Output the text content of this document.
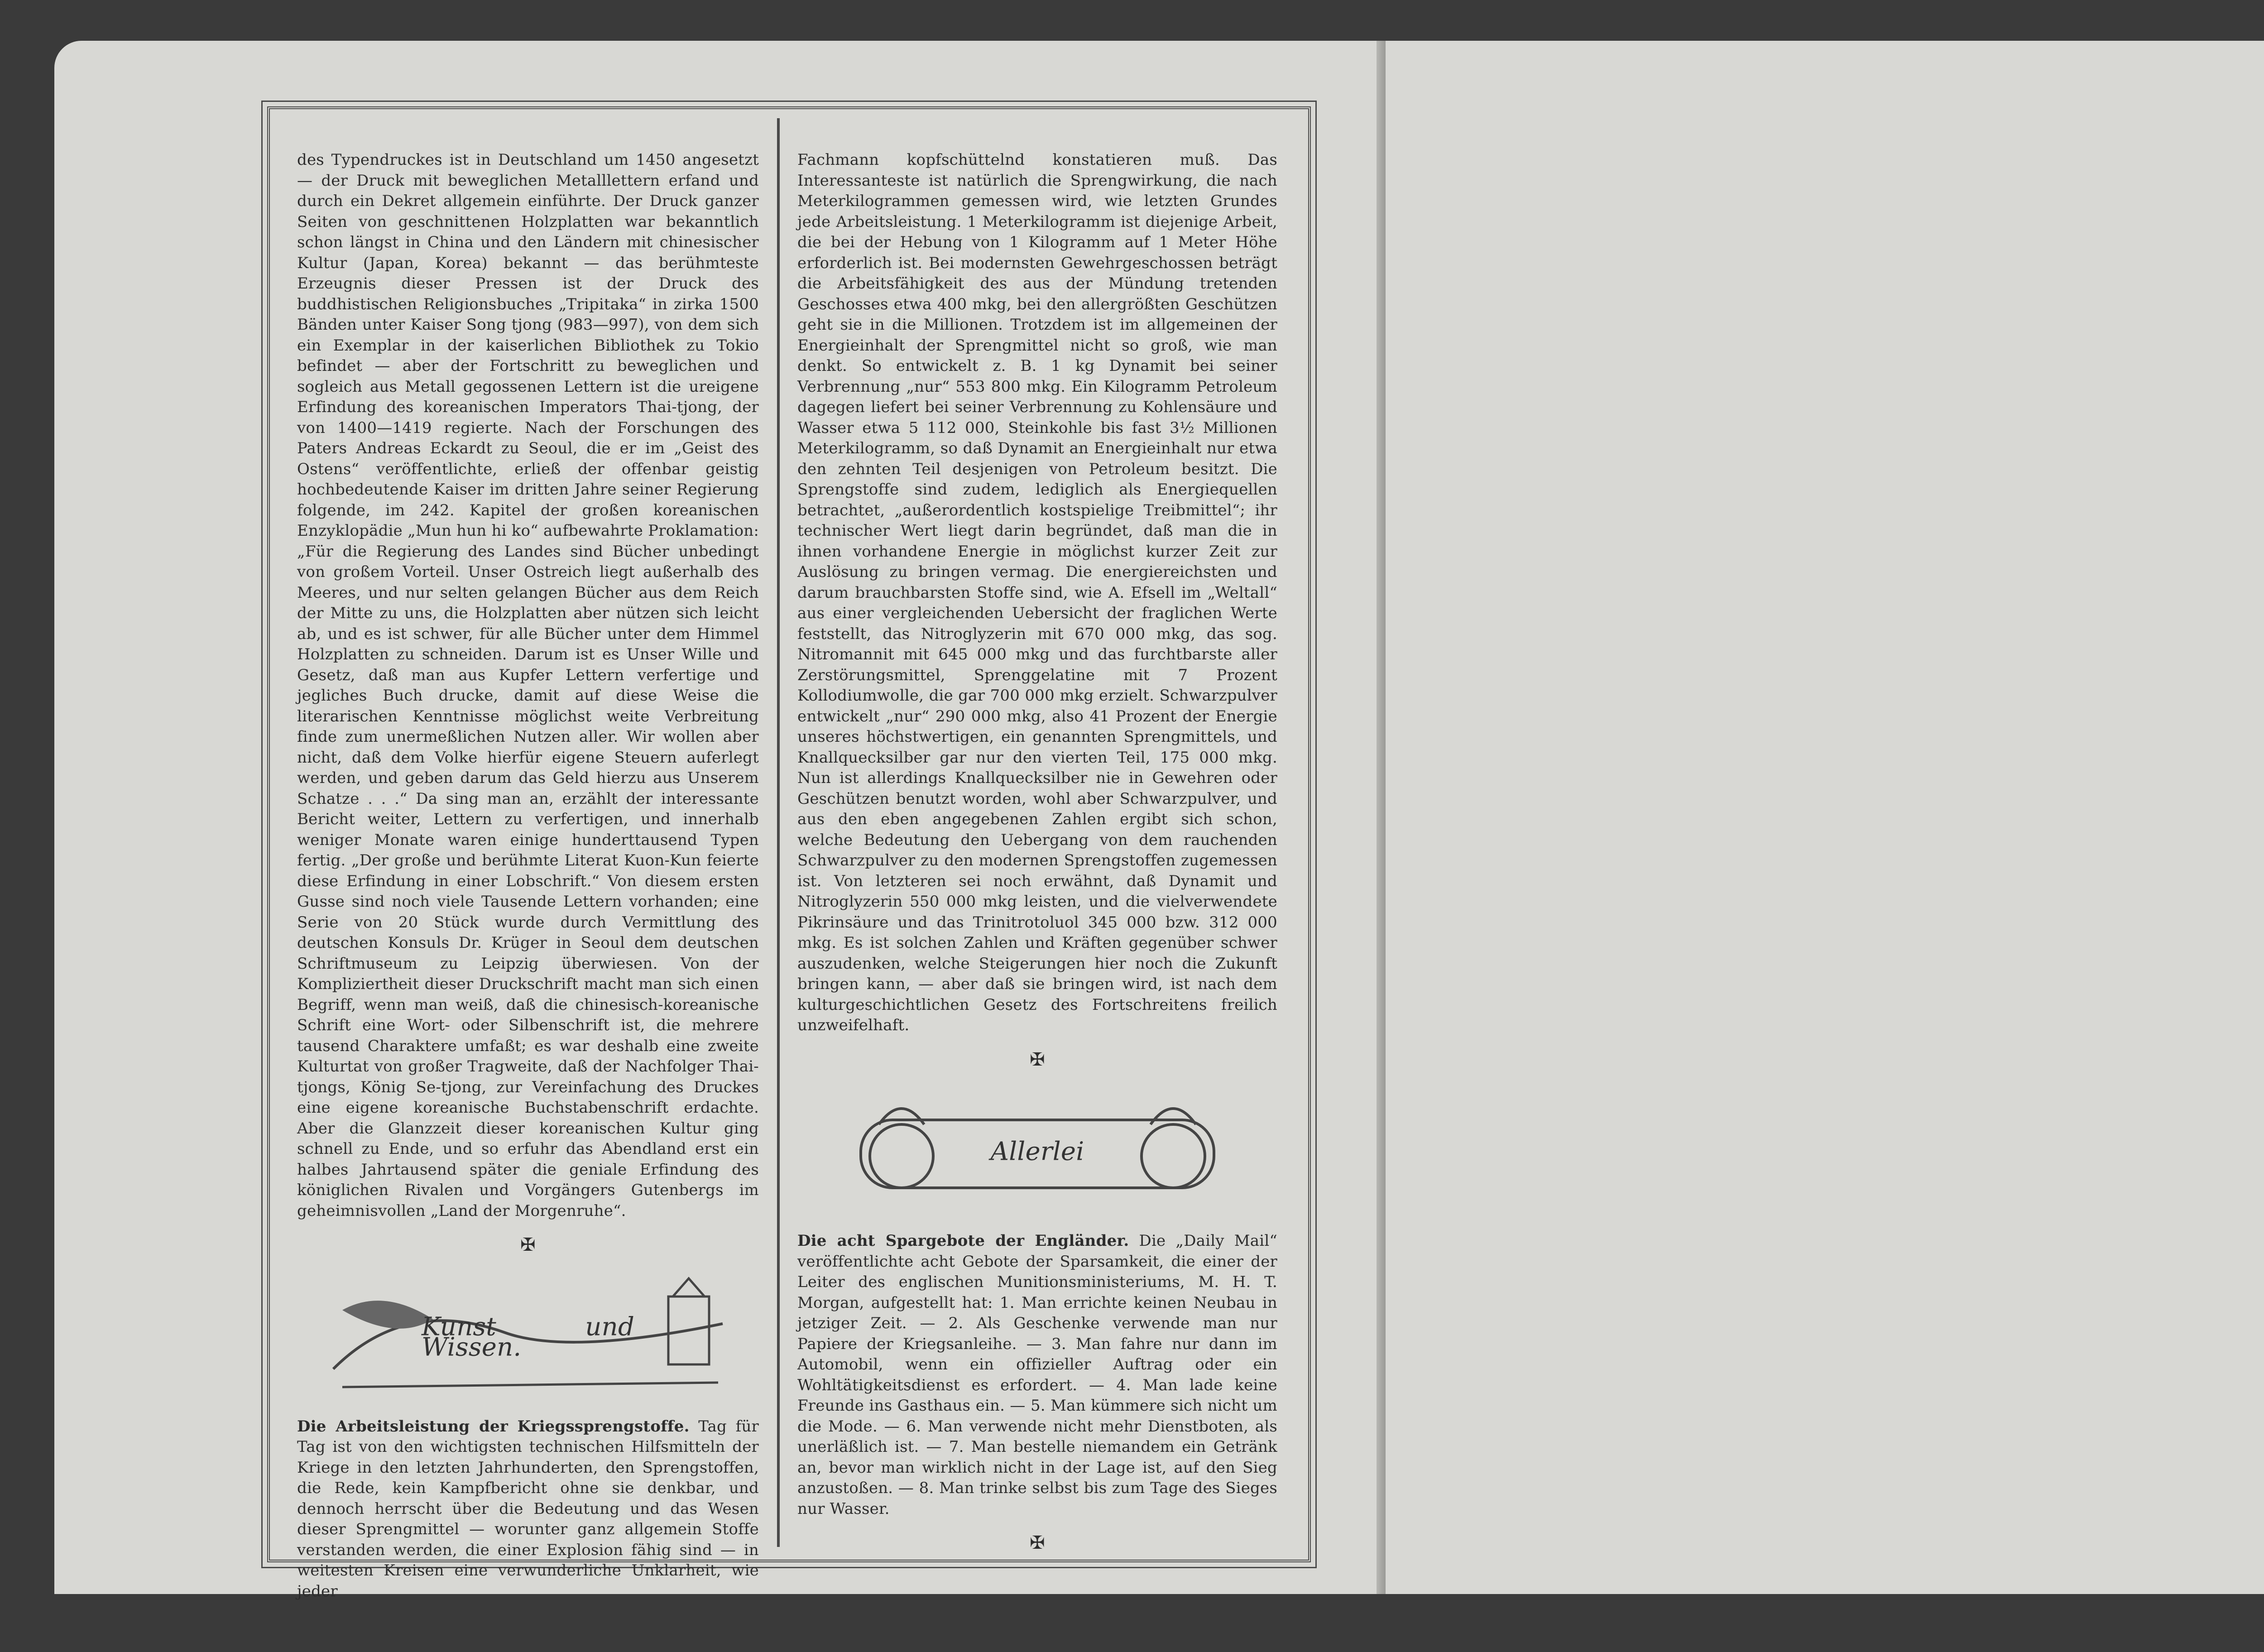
des Typendruckes ist in Deutschland um 1450 angesetzt — der Druck mit beweglichen Metalllettern erfand und durch ein Dekret allgemein einführte. Der Druck ganzer Seiten von geschnittenen Holzplatten war bekanntlich schon längst in China und den Ländern mit chinesischer Kultur (Japan, Korea) bekannt — das berühmteste Erzeugnis dieser Pressen ist der Druck des buddhistischen Religionsbuches „Tripitaka“ in zirka 1500 Bänden unter Kaiser Song tjong (983—997), von dem sich ein Exemplar in der kaiserlichen Bibliothek zu Tokio befindet — aber der Fortschritt zu beweglichen und sogleich aus Metall gegossenen Lettern ist die ureigene Erfindung des koreanischen Imperators Thai-tjong, der von 1400—1419 regierte. Nach der Forschungen des Paters Andreas Eckardt zu Seoul, die er im „Geist des Ostens“ veröffentlichte, erließ der offenbar geistig hochbedeutende Kaiser im dritten Jahre seiner Regierung folgende, im 242. Kapitel der großen koreanischen Enzyklopädie „Mun hun hi ko“ aufbewahrte Proklamation: „Für die Regierung des Landes sind Bücher unbedingt von großem Vorteil. Unser Ostreich liegt außerhalb des Meeres, und nur selten gelangen Bücher aus dem Reich der Mitte zu uns, die Holzplatten aber nützen sich leicht ab, und es ist schwer, für alle Bücher unter dem Himmel Holzplatten zu schneiden. Darum ist es Unser Wille und Gesetz, daß man aus Kupfer Lettern verfertige und jegliches Buch drucke, damit auf diese Weise die literarischen Kenntnisse möglichst weite Verbreitung finde zum unermeßlichen Nutzen aller. Wir wollen aber nicht, daß dem Volke hierfür eigene Steuern auferlegt werden, und geben darum das Geld hierzu aus Unserem Schatze . . .“ Da sing man an, erzählt der interessante Bericht weiter, Lettern zu verfertigen, und innerhalb weniger Monate waren einige hunderttausend Typen fertig. „Der große und berühmte Literat Kuon-Kun feierte diese Erfindung in einer Lobschrift.“ Von diesem ersten Gusse sind noch viele Tausende Lettern vorhanden; eine Serie von 20 Stück wurde durch Vermittlung des deutschen Konsuls Dr. Krüger in Seoul dem deutschen Schriftmuseum zu Leipzig überwiesen. Von der Kompliziertheit dieser Druckschrift macht man sich einen Begriff, wenn man weiß, daß die chinesisch-koreanische Schrift eine Wort- oder Silbenschrift ist, die mehrere tausend Charaktere umfaßt; es war deshalb eine zweite Kulturtat von großer Tragweite, daß der Nachfolger Thai-tjongs, König Se-tjong, zur Vereinfachung des Druckes eine eigene koreanische Buchstabenschrift erdachte. Aber die Glanzzeit dieser koreanischen Kultur ging schnell zu Ende, und so erfuhr das Abendland erst ein halbes Jahrtausend später die geniale Erfindung des königlichen Rivalen und Vorgängers Gutenbergs im geheimnisvollen „Land der Morgenruhe“.

✠
Kunst und Wissen.

Die Arbeitsleistung der Kriegssprengstoffe. Tag für Tag ist von den wichtigsten technischen Hilfsmitteln der Kriege in den letzten Jahrhunderten, den Sprengstoffen, die Rede, kein Kampfbericht ohne sie denkbar, und dennoch herrscht über die Bedeutung und das Wesen dieser Sprengmittel — worunter ganz allgemein Stoffe verstanden werden, die einer Explosion fähig sind — in weitesten Kreisen eine verwunderliche Unklarheit, wie jeder

Fachmann kopfschüttelnd konstatieren muß. Das Interessanteste ist natürlich die Sprengwirkung, die nach Meterkilogrammen gemessen wird, wie letzten Grundes jede Arbeitsleistung. 1 Meterkilogramm ist diejenige Arbeit, die bei der Hebung von 1 Kilogramm auf 1 Meter Höhe erforderlich ist. Bei modernsten Gewehrgeschossen beträgt die Arbeitsfähigkeit des aus der Mündung tretenden Geschosses etwa 400 mkg, bei den allergrößten Geschützen geht sie in die Millionen. Trotzdem ist im allgemeinen der Energieinhalt der Sprengmittel nicht so groß, wie man denkt. So entwickelt z. B. 1 kg Dynamit bei seiner Verbrennung „nur“ 553 800 mkg. Ein Kilogramm Petroleum dagegen liefert bei seiner Verbrennung zu Kohlensäure und Wasser etwa 5 112 000, Steinkohle bis fast 3½ Millionen Meterkilogramm, so daß Dynamit an Energieinhalt nur etwa den zehnten Teil desjenigen von Petroleum besitzt. Die Sprengstoffe sind zudem, lediglich als Energiequellen betrachtet, „außerordentlich kostspielige Treibmittel“; ihr technischer Wert liegt darin begründet, daß man die in ihnen vorhandene Energie in möglichst kurzer Zeit zur Auslösung zu bringen vermag. Die energiereichsten und darum brauchbarsten Stoffe sind, wie A. Efsell im „Weltall“ aus einer vergleichenden Uebersicht der fraglichen Werte feststellt, das Nitroglyzerin mit 670 000 mkg, das sog. Nitromannit mit 645 000 mkg und das furchtbarste aller Zerstörungsmittel, Sprenggelatine mit 7 Prozent Kollodiumwolle, die gar 700 000 mkg erzielt. Schwarzpulver entwickelt „nur“ 290 000 mkg, also 41 Prozent der Energie unseres höchstwertigen, ein genannten Sprengmittels, und Knallquecksilber gar nur den vierten Teil, 175 000 mkg. Nun ist allerdings Knallquecksilber nie in Gewehren oder Geschützen benutzt worden, wohl aber Schwarzpulver, und aus den eben angegebenen Zahlen ergibt sich schon, welche Bedeutung den Uebergang von dem rauchenden Schwarzpulver zu den modernen Sprengstoffen zugemessen ist. Von letzteren sei noch erwähnt, daß Dynamit und Nitroglyzerin 550 000 mkg leisten, und die vielverwendete Pikrinsäure und das Trinitrotoluol 345 000 bzw. 312 000 mkg. Es ist solchen Zahlen und Kräften gegenüber schwer auszudenken, welche Steigerungen hier noch die Zukunft bringen kann, — aber daß sie bringen wird, ist nach dem kulturgeschichtlichen Gesetz des Fortschreitens freilich unzweifelhaft.

✠
Allerlei

Die acht Spargebote der Engländer. Die „Daily Mail“ veröffentlichte acht Gebote der Sparsamkeit, die einer der Leiter des englischen Munitionsministeriums, M. H. T. Morgan, aufgestellt hat: 1. Man errichte keinen Neubau in jetziger Zeit. — 2. Als Geschenke verwende man nur Papiere der Kriegsanleihe. — 3. Man fahre nur dann im Automobil, wenn ein offizieller Auftrag oder ein Wohltätigkeitsdienst es erfordert. — 4. Man lade keine Freunde ins Gasthaus ein. — 5. Man kümmere sich nicht um die Mode. — 6. Man verwende nicht mehr Dienstboten, als unerläßlich ist. — 7. Man bestelle niemandem ein Getränk an, bevor man wirklich nicht in der Lage ist, auf den Sieg anzustoßen. — 8. Man trinke selbst bis zum Tage des Sieges nur Wasser.

✠
